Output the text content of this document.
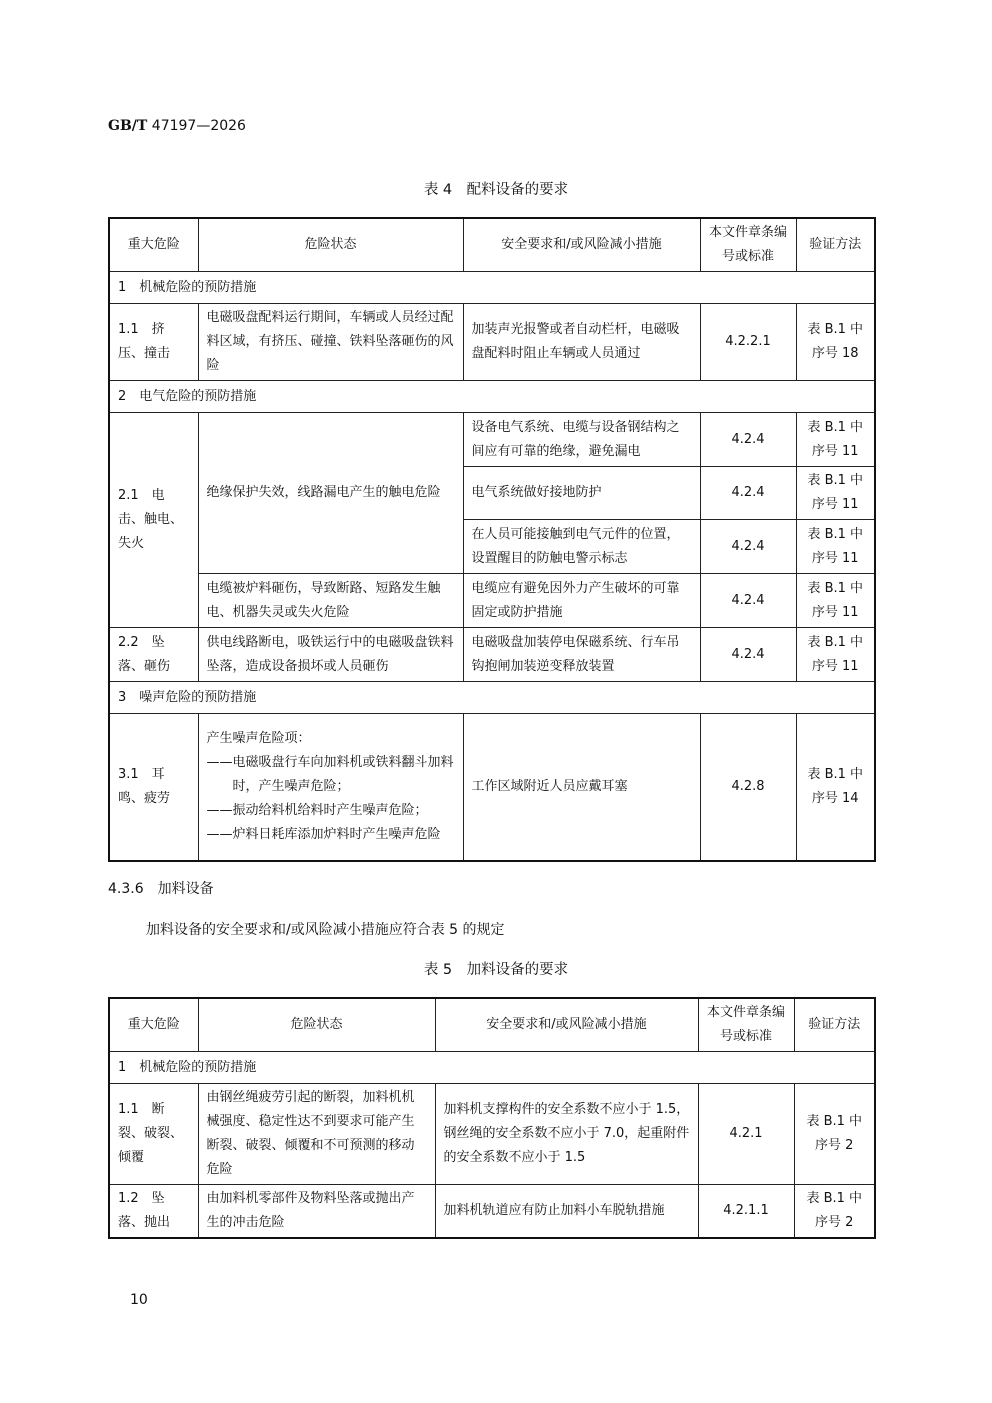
GB/T 47197—2026
表 4　配料设备的要求
重大危险	危险状态	安全要求和/或风险减小措施	本文件章条编号或标准	验证方法
1　机械危险的预防措施				
1.1　挤压、撞击	电磁吸盘配料运行期间，车辆或人员经过配料区域，有挤压、碰撞、铁料坠落砸伤的风险	加装声光报警或者自动栏杆，电磁吸盘配料时阻止车辆或人员通过	4.2.2.1	表 B.1 中序号 18
2　电气危险的预防措施				
2.1　电击、触电、失火	绝缘保护失效，线路漏电产生的触电危险	设备电气系统、电缆与设备钢结构之间应有可靠的绝缘，避免漏电	4.2.4	表 B.1 中序号 11
		电气系统做好接地防护	4.2.4	表 B.1 中序号 11
		在人员可能接触到电气元件的位置，设置醒目的防触电警示标志	4.2.4	表 B.1 中序号 11
	电缆被炉料砸伤，导致断路、短路发生触电、机器失灵或失火危险	电缆应有避免因外力产生破坏的可靠固定或防护措施	4.2.4	表 B.1 中序号 11
2.2　坠落、砸伤	供电线路断电，吸铁运行中的电磁吸盘铁料坠落，造成设备损坏或人员砸伤	电磁吸盘加装停电保磁系统、行车吊钩抱闸加装逆变释放装置	4.2.4	表 B.1 中序号 11
3　噪声危险的预防措施				
3.1　耳鸣、疲劳	产生噪声危险项：
——电磁吸盘行车向加料机或铁料翻斗加料时，产生噪声危险；
——振动给料机给料时产生噪声危险；
——炉料日耗库添加炉料时产生噪声危险	工作区域附近人员应戴耳塞	4.2.8	表 B.1 中序号 14
4.3.6　加料设备
加料设备的安全要求和/或风险减小措施应符合表 5 的规定
表 5　加料设备的要求
重大危险	危险状态	安全要求和/或风险减小措施	本文件章条编号或标准	验证方法
1　机械危险的预防措施				
1.1　断裂、破裂、倾覆	由钢丝绳疲劳引起的断裂，加料机机械强度、稳定性达不到要求可能产生断裂、破裂、倾覆和不可预测的移动危险	加料机支撑构件的安全系数不应小于 1.5，钢丝绳的安全系数不应小于 7.0，起重附件的安全系数不应小于 1.5	4.2.1	表 B.1 中序号 2
1.2　坠落、抛出	由加料机零部件及物料坠落或抛出产生的冲击危险	加料机轨道应有防止加料小车脱轨措施	4.2.1.1	表 B.1 中序号 2
10
